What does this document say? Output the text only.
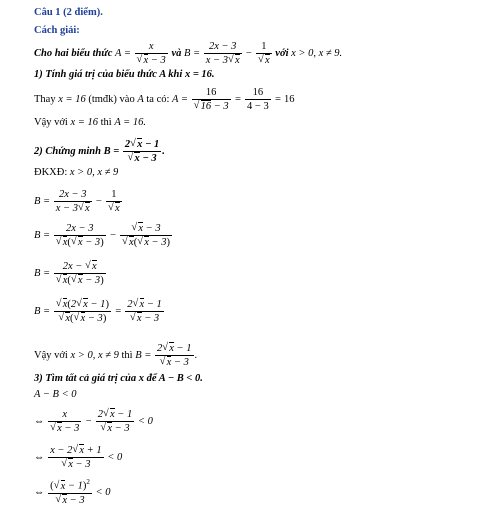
Câu 1 (2 điểm).
Cách giải:
Cho hai biểu thức A = x
√ x − 3 và $B = \frac{2x - 3}{x - 3 √ x} - 1$
√ x với x > 0, x ≠ 9.
1) Tính giá trị của biểu thức A khi x = 16.
Thay x = 16 (tmđk) vào A ta có: A = 16
√ $16 - 3 = \frac{16}{4 - 3} = 16$
Vậy với x = 16 thì A = 16.
2) Chứng minh B = 2 √ x − 1
√ x − 3 .
ĐKXĐ: x > 0, x ≠ 9
$B = \frac{2x - 3}{x - 3 √ x} - 1$
√ x
B = 2x − 3
√ x( √ x − 3) − √ x − 3
√ x( √ x − 3)
B = 2x − √ x
√ x( √ x − 3)
B = √ x(2 √ x − 1)
√ x( √ x − 3) = 2 √ x − 1
√ x − 3
Vậy với x > 0, x ≠ 9 thì B = 2 √ x − 1
√ x − 3 .
3) Tìm tất cả giá trị của x để A − B < 0.
A − B < 0
⇔ x
√ x − 3 − 2 √ x − 1
√ x − 3 < 0
⇔ x − 2 √ x + 1
√ x − 3 < 0
⇔ ( √ x − 1)$^2$
√ x − 3 < 0
